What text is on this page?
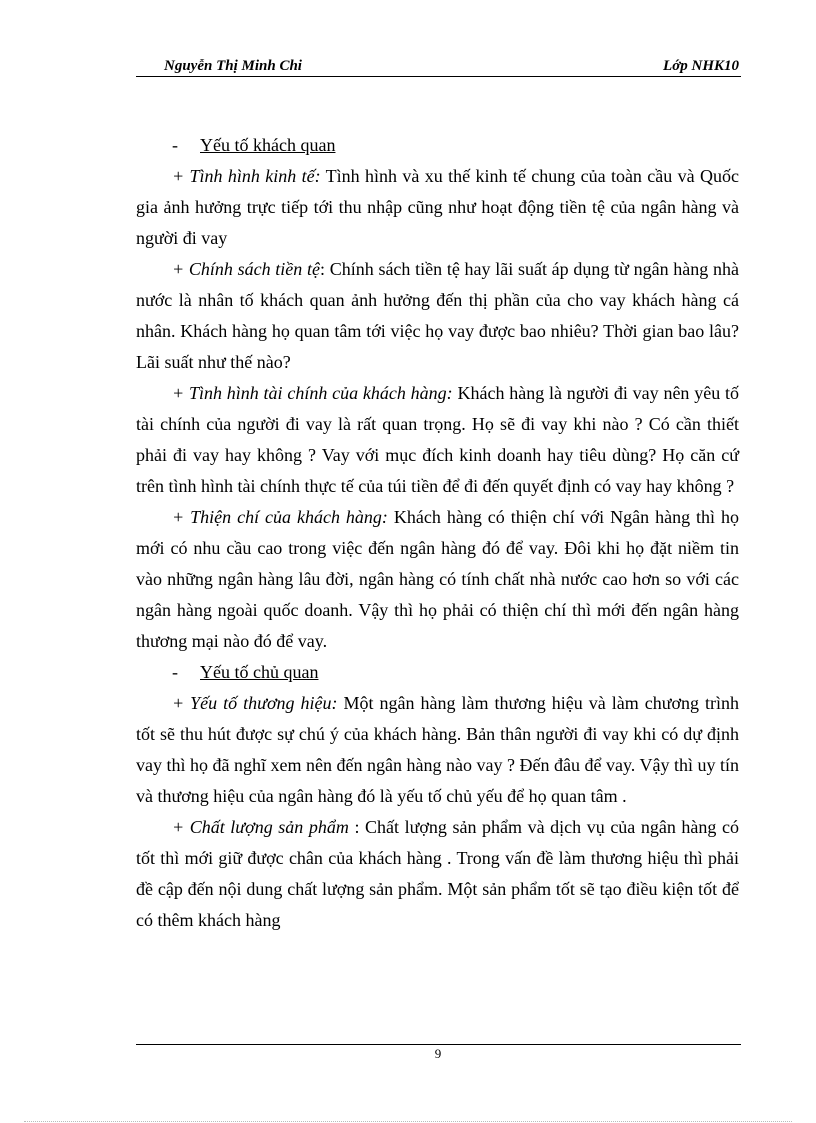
Nguyễn Thị Minh Chi	Lớp NHK10

- Yếu tố khách quan

+ Tình hình kinh tế: Tình hình và xu thế kinh tế chung của toàn cầu và Quốc gia ảnh hưởng trực tiếp tới thu nhập cũng như hoạt động tiền tệ của ngân hàng và người đi vay

+ Chính sách tiền tệ: Chính sách tiền tệ hay lãi suất áp dụng từ ngân hàng nhà nước là nhân tố khách quan ảnh hưởng đến thị phần của cho vay khách hàng cá nhân. Khách hàng họ quan tâm tới việc họ vay được bao nhiêu? Thời gian bao lâu? Lãi suất như thế nào?

+ Tình hình tài chính của khách hàng: Khách hàng là người đi vay nên yêu tố tài chính của người đi vay là rất quan trọng. Họ sẽ đi vay khi nào ? Có cần thiết phải đi vay hay không ? Vay với mục đích kinh doanh hay tiêu dùng? Họ căn cứ trên tình hình tài chính thực tế của túi tiền để đi đến quyết định có vay hay không ?

+ Thiện chí của khách hàng: Khách hàng có thiện chí với Ngân hàng thì họ mới có nhu cầu cao trong việc đến ngân hàng đó để vay. Đôi khi họ đặt niềm tin vào những ngân hàng lâu đời, ngân hàng có tính chất nhà nước cao hơn so với các ngân hàng ngoài quốc doanh. Vậy thì họ phải có thiện chí thì mới đến ngân hàng thương mại nào đó để vay.

- Yếu tố chủ quan

+ Yếu tố thương hiệu: Một ngân hàng làm thương hiệu và làm chương trình tốt sẽ thu hút được sự chú ý của khách hàng. Bản thân người đi vay khi có dự định vay thì họ đã nghĩ xem nên đến ngân hàng nào vay ? Đến đâu để vay. Vậy thì uy tín và thương hiệu của ngân hàng đó là yếu tố chủ yếu để họ quan tâm .

+ Chất lượng sản phẩm : Chất lượng sản phẩm và dịch vụ của ngân hàng có tốt thì mới giữ được chân của khách hàng . Trong vấn đề làm thương hiệu thì phải đề cập đến nội dung chất lượng sản phẩm. Một sản phẩm tốt sẽ tạo điều kiện tốt để có thêm khách hàng

9
